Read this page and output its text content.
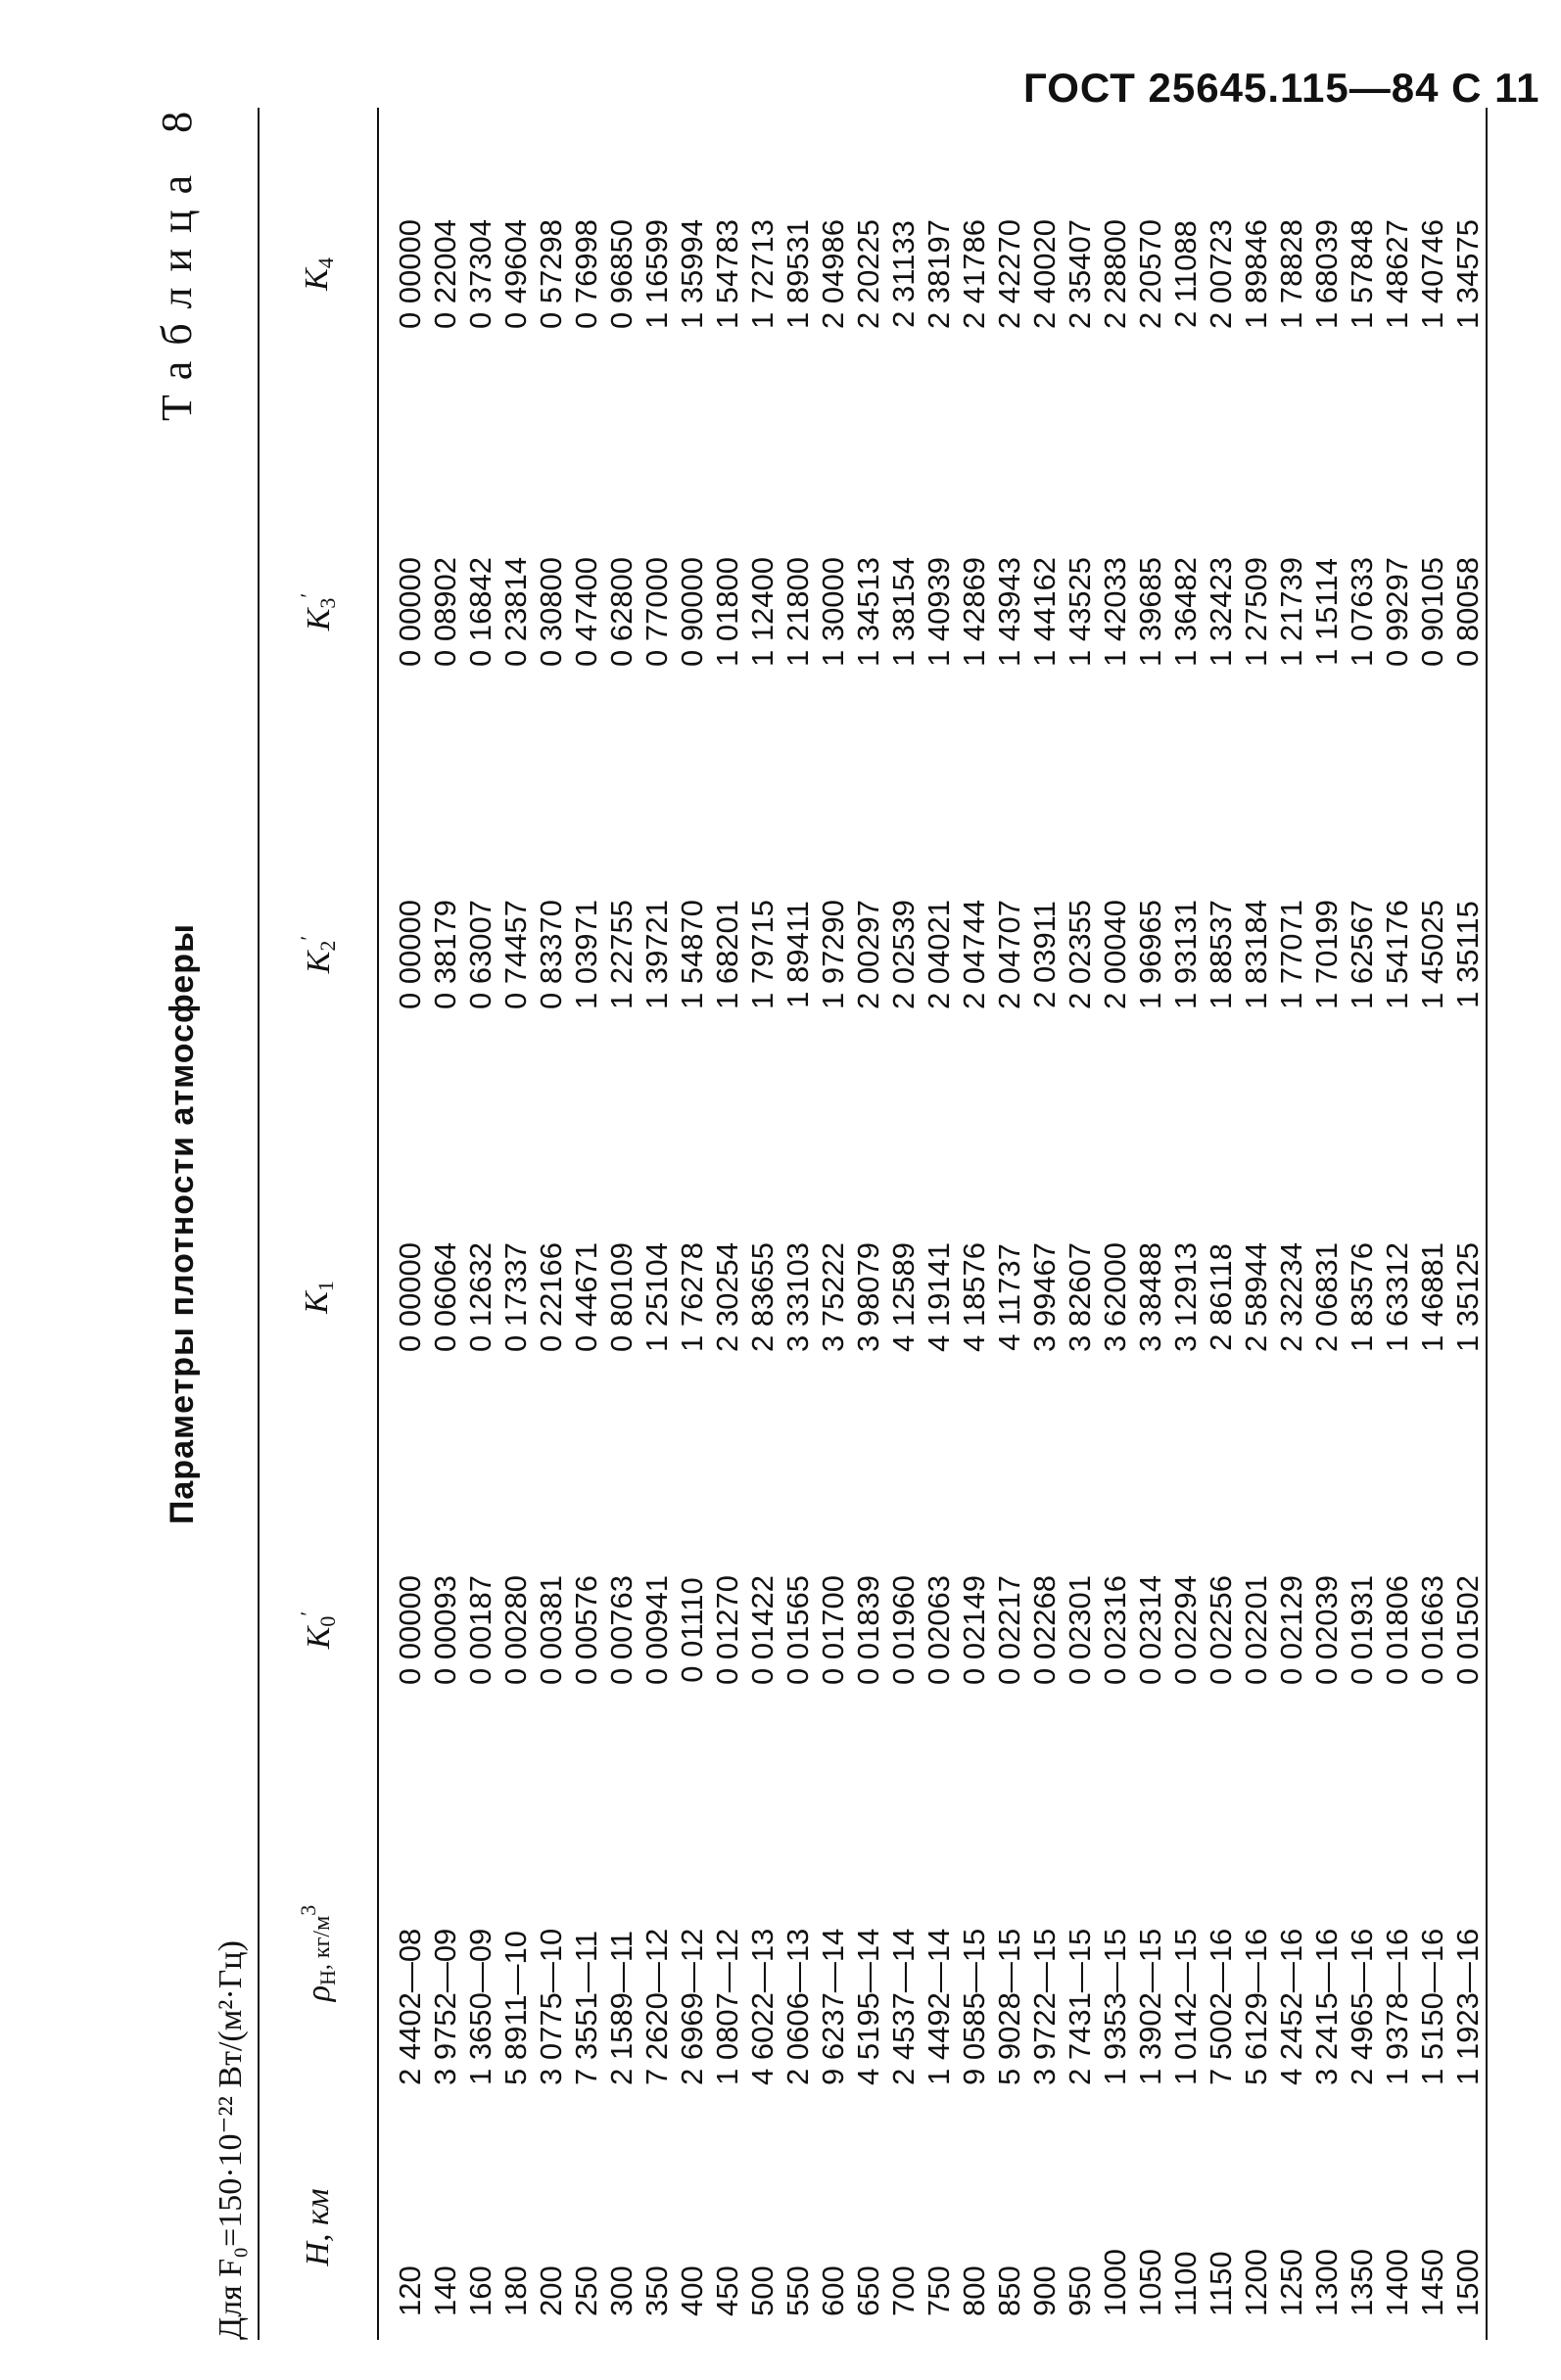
ГОСТ 25645.115—84 С 11
Таблица 8
Параметры плотности атмосферы
Для F₀=150·10⁻²² Вт/(м²·Гц) H, км	$\rho_H$, $кг/м^3$	$K_0'$	$K_1$	$K_2'$	$K_3'$	$K_4$
120	2 4402—08	0 00000	0 00000	0 00000	0 00000	0 00000
140	3 9752—09	0 00093	0 06064	0 38179	0 08902	0 22004
160	1 3650—09	0 00187	0 12632	0 63007	0 16842	0 37304
180	5 8911—10	0 00280	0 17337	0 74457	0 23814	0 49604
200	3 0775—10	0 00381	0 22166	0 83370	0 30800	0 57298
250	7 3551—11	0 00576	0 44671	1 03971	0 47400	0 76998
300	2 1589—11	0 00763	0 80109	1 22755	0 62800	0 96850
350	7 2620—12	0 00941	1 25104	1 39721	0 77000	1 16599
400	2 6969—12	0 01110	1 76278	1 54870	0 90000	1 35994
450	1 0807—12	0 01270	2 30254	1 68201	1 01800	1 54783
500	4 6022—13	0 01422	2 83655	1 79715	1 12400	1 72713
550	2 0606—13	0 01565	3 33103	1 89411	1 21800	1 89531
600	9 6237—14	0 01700	3 75222	1 97290	1 30000	2 04986
650	4 5195—14	0 01839	3 98079	2 00297	1 34513	2 20225
700	2 4537—14	0 01960	4 12589	2 02539	1 38154	2 31133
750	1 4492—14	0 02063	4 19141	2 04021	1 40939	2 38197
800	9 0585—15	0 02149	4 18576	2 04744	1 42869	2 41786
850	5 9028—15	0 02217	4 11737	2 04707	1 43943	2 42270
900	3 9722—15	0 02268	3 99467	2 03911	1 44162	2 40020
950	2 7431—15	0 02301	3 82607	2 02355	1 43525	2 35407
1000	1 9353—15	0 02316	3 62000	2 00040	1 42033	2 28800
1050	1 3902—15	0 02314	3 38488	1 96965	1 39685	2 20570
1100	1 0142—15	0 02294	3 12913	1 93131	1 36482	2 11088
1150	7 5002—16	0 02256	2 86118	1 88537	1 32423	2 00723
1200	5 6129—16	0 02201	2 58944	1 83184	1 27509	1 89846
1250	4 2452—16	0 02129	2 32234	1 77071	1 21739	1 78828
1300	3 2415—16	0 02039	2 06831	1 70199	1 15114	1 68039
1350	2 4965—16	0 01931	1 83576	1 62567	1 07633	1 57848
1400	1 9378—16	0 01806	1 63312	1 54176	0 99297	1 48627
1450	1 5150—16	0 01663	1 46881	1 45025	0 90105	1 40746
1500	1 1923—16	0 01502	1 35125	1 35115	0 80058	1 34575
